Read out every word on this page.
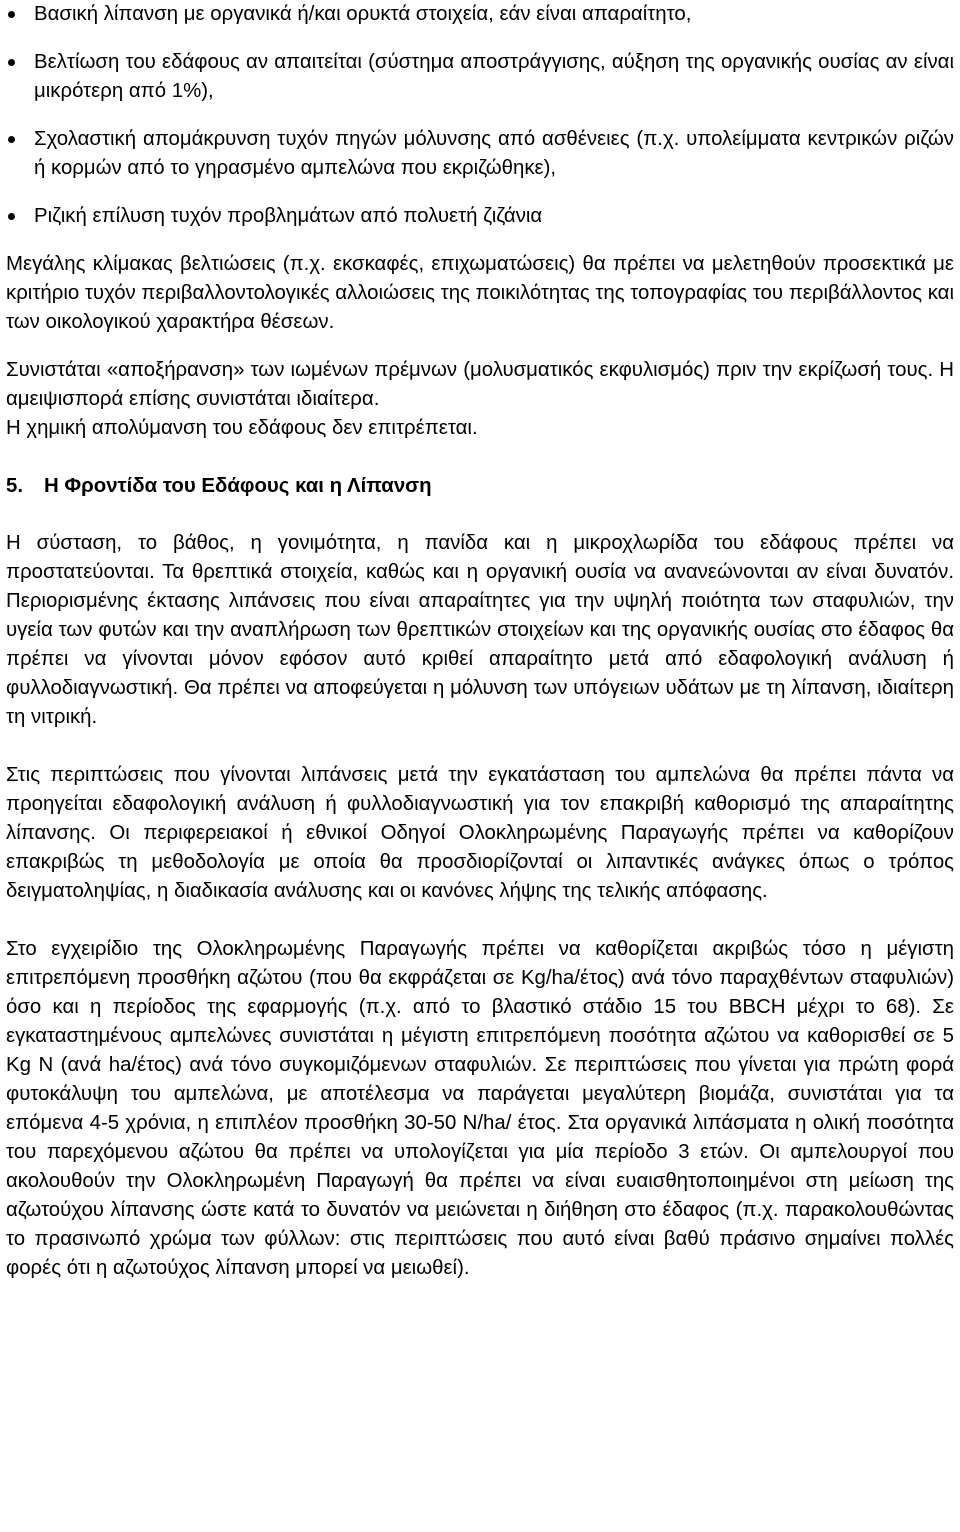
Βασική λίπανση με οργανικά ή/και ορυκτά στοιχεία, εάν είναι απαραίτητο,
Βελτίωση του εδάφους αν απαιτείται (σύστημα αποστράγγισης, αύξηση της οργανικής ουσίας αν είναι μικρότερη από 1%),
Σχολαστική απομάκρυνση τυχόν πηγών μόλυνσης από ασθένειες (π.χ. υπολείμματα κεντρικών ριζών ή κορμών από το γηρασμένο αμπελώνα που εκριζώθηκε),
Ριζική επίλυση τυχόν προβλημάτων από πολυετή ζιζάνια

Μεγάλης κλίμακας βελτιώσεις (π.χ. εκσκαφές, επιχωματώσεις) θα πρέπει να μελετηθούν προσεκτικά με κριτήριο τυχόν περιβαλλοντολογικές αλλοιώσεις της ποικιλότητας της τοπογραφίας του περιβάλλοντος και των οικολογικού χαρακτήρα θέσεων.

Συνιστάται «αποξήρανση» των ιωμένων πρέμνων (μολυσματικός εκφυλισμός) πριν την εκρίζωσή τους. Η αμειψισπορά επίσης συνιστάται ιδιαίτερα.

Η χημική απολύμανση του εδάφους δεν επιτρέπεται.

5. Η Φροντίδα του Εδάφους και η Λίπανση

Η σύσταση, το βάθος, η γονιμότητα, η πανίδα και η μικροχλωρίδα του εδάφους πρέπει να προστατεύονται. Τα θρεπτικά στοιχεία, καθώς και η οργανική ουσία να ανανεώνονται αν είναι δυνατόν. Περιορισμένης έκτασης λιπάνσεις που είναι απαραίτητες για την υψηλή ποιότητα των σταφυλιών, την υγεία των φυτών και την αναπλήρωση των θρεπτικών στοιχείων και της οργανικής ουσίας στο έδαφος θα πρέπει να γίνονται μόνον εφόσον αυτό κριθεί απαραίτητο μετά από εδαφολογική ανάλυση ή φυλλοδιαγνωστική. Θα πρέπει να αποφεύγεται η μόλυνση των υπόγειων υδάτων με τη λίπανση, ιδιαίτερη τη νιτρική.

Στις περιπτώσεις που γίνονται λιπάνσεις μετά την εγκατάσταση του αμπελώνα θα πρέπει πάντα να προηγείται εδαφολογική ανάλυση ή φυλλοδιαγνωστική για τον επακριβή καθορισμό της απαραίτητης λίπανσης. Οι περιφερειακοί ή εθνικοί Οδηγοί Ολοκληρωμένης Παραγωγής πρέπει να καθορίζουν επακριβώς τη μεθοδολογία με οποία θα προσδιορίζονταί οι λιπαντικές ανάγκες όπως ο τρόπος δειγματοληψίας, η διαδικασία ανάλυσης και οι κανόνες λήψης της τελικής απόφασης.

Στο εγχειρίδιο της Ολοκληρωμένης Παραγωγής πρέπει να καθορίζεται ακριβώς τόσο η μέγιστη επιτρεπόμενη προσθήκη αζώτου (που θα εκφράζεται σε Kg/ha/έτος) ανά τόνο παραχθέντων σταφυλιών) όσο και η περίοδος της εφαρμογής (π.χ. από το βλαστικό στάδιο 15 του BBCH μέχρι το 68). Σε εγκαταστημένους αμπελώνες συνιστάται η μέγιστη επιτρεπόμενη ποσότητα αζώτου να καθορισθεί σε 5 Kg N (ανά ha/έτος) ανά τόνο συγκομιζόμενων σταφυλιών. Σε περιπτώσεις που γίνεται για πρώτη φορά φυτοκάλυψη του αμπελώνα, με αποτέλεσμα να παράγεται μεγαλύτερη βιομάζα, συνιστάται για τα επόμενα 4-5 χρόνια, η επιπλέον προσθήκη 30-50 N/ha/ έτος. Στα οργανικά λιπάσματα η ολική ποσότητα του παρεχόμενου αζώτου θα πρέπει να υπολογίζεται για μία περίοδο 3 ετών. Οι αμπελουργοί που ακολουθούν την Ολοκληρωμένη Παραγωγή θα πρέπει να είναι ευαισθητοποιημένοι στη μείωση της αζωτούχου λίπανσης ώστε κατά το δυνατόν να μειώνεται η διήθηση στο έδαφος (π.χ. παρακολουθώντας το πρασινωπό χρώμα των φύλλων: στις περιπτώσεις που αυτό είναι βαθύ πράσινο σημαίνει πολλές φορές ότι η αζωτούχος λίπανση μπορεί να μειωθεί).
